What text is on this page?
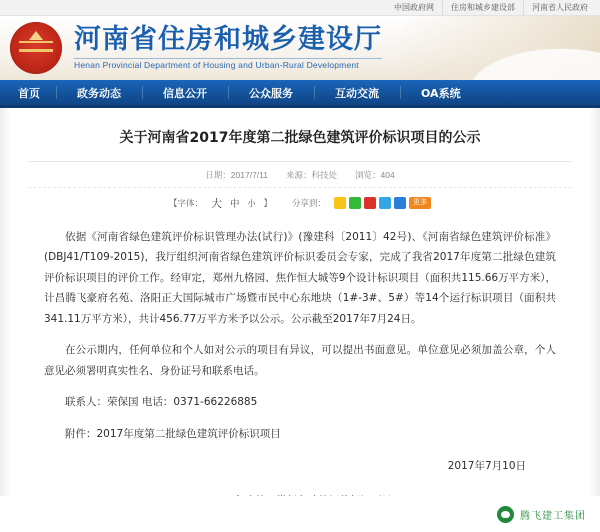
中国政府网	住房和城乡建设部	河南省人民政府
河南省住房和城乡建设厅
Henan Provincial Department of Housing and Urban-Rural Development
首页	政务动态	信息公开	公众服务	互动交流	OA系统
关于河南省2017年度第二批绿色建筑评价标识项目的公示
日期：2017/7/11 来源：科技处 浏览：404
【字体： 大 中 小 】 分享到：	更多

依据《河南省绿色建筑评价标识管理办法(试行)》(豫建科〔2011〕42号)、《河南省绿色建筑评价标准》(DBJ41/T109-2015)，我厅组织河南省绿色建筑评价标识委员会专家，完成了我省2017年度第二批绿色建筑评价标识项目的评价工作。经审定，郑州九格园、焦作恒大城等9个设计标识项目（面积共115.66万平方米），计昌腾飞豪府名苑、洛阳正大国际城市广场暨市民中心东地块（1#-3#、5#）等14个运行标识项目（面积共341.11万平方米），共计456.77万平方米予以公示。公示截至2017年7月24日。

在公示期内，任何单位和个人如对公示的项目有异议，可以提出书面意见。单位意见必须加盖公章，个人意见必须署明真实性名、身份证号和联系电话。

联系人：荣保国 电话：0371-66226885

附件：2017年度第二批绿色建筑评价标识项目

2017年7月10日
腾飞建工集团
